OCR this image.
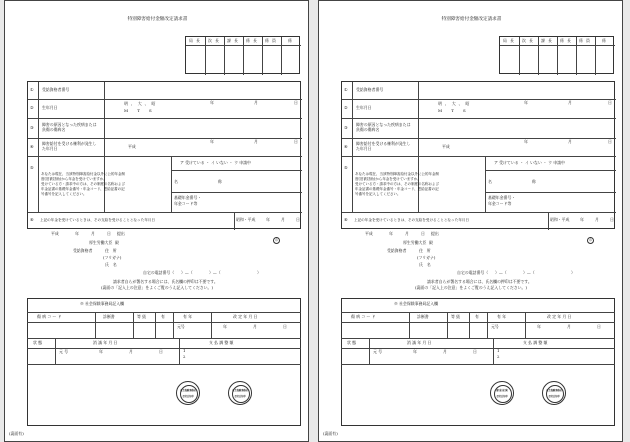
特別障害給付金額改定請求書
局 長 次 長 課 長 係 長 係 員	係
① 受給資格者番号
② 生年月日
明、大、昭
M T S
年	月	日
③
障害の原因となった疾病または
負傷の傷病名
④
障害給付を受ける権利が発生し
た年月日	平成
年	月	日
⑤
あなたは現在、当該特別障害給付金以外に公的年金制
度(旧被扶助)から年金を受けていますか。
受けている方・請求中の方は、その制度の名称および
年金証書の基礎年金番号・年金コード、恩給証書の記
号番号を記入してください。
ア 受けている ・ イ いない ・ ウ 申請中
名	称
基礎年金番号・
年金コード等
⑥ 上記の年金を受けているときは、その支給を受けることとなった年月日	昭和・平成	年	月	日
平成	年	月	日 提出
厚生労働大臣 殿
受給資格者	住　所
(フリガナ)
氏　名
印
自宅の電話番号（ ）—（	）—（	）
請求者自らが署名する場合には、氏名欄の押印は不要です。
(裏面の「記入上の注意」をよくご覧のうえ記入してください。)
※ 社会保険事務局記入欄
傷 病 コ ー ド	診断書	等 級	有	有 年	改 定 年 月 日
元号	年	月	日
状 態	消 滅 年 月 日	支 払 調 整 額
元 号	年	月	日	1
2
社会保険事務局
受付日付印
社会保険事務局
受付日付印
(裏面有)
特別障害給付金額改定請求書
局 長 次 長 課 長 係 長 係 員	係
① 受給資格者番号
② 生年月日
明、大、昭
M T S
年	月	日
③
障害の原因となった疾病または
負傷の傷病名
④
障害給付を受ける権利が発生し
た年月日	平成
年	月	日
⑤
あなたは現在、当該特別障害給付金以外に公的年金制
度(旧被扶助)から年金を受けていますか。
受けている方・請求中の方は、その制度の名称および
年金証書の基礎年金番号・年金コード、恩給証書の記
号番号を記入してください。
ア 受けている ・ イ いない ・ ウ 申請中
名	称
基礎年金番号・
年金コード等
⑥ 上記の年金を受けているときは、その支給を受けることとなった年月日	昭和・平成	年	月	日
平成	年	月	日 提出
厚生労働大臣 殿
受給資格者	住　所
(フリガナ)
氏　名
印
自宅の電話番号（ ）—（	）—（	）
請求者自らが署名する場合には、氏名欄の押印は不要です。
(裏面の「記入上の注意」をよくご覧のうえ記入してください。)
※ 社会保険事務局記入欄
傷 病 コ ー ド	診断書	等 級	有	有 年	改 定 年 月 日
元号	年	月	日
状 態	消 滅 年 月 日	支 払 調 整 額
元 号	年	月	日	1
2
健 康 保 険
受付日付印
社会保険事務局
受付日付印
(裏面有)
